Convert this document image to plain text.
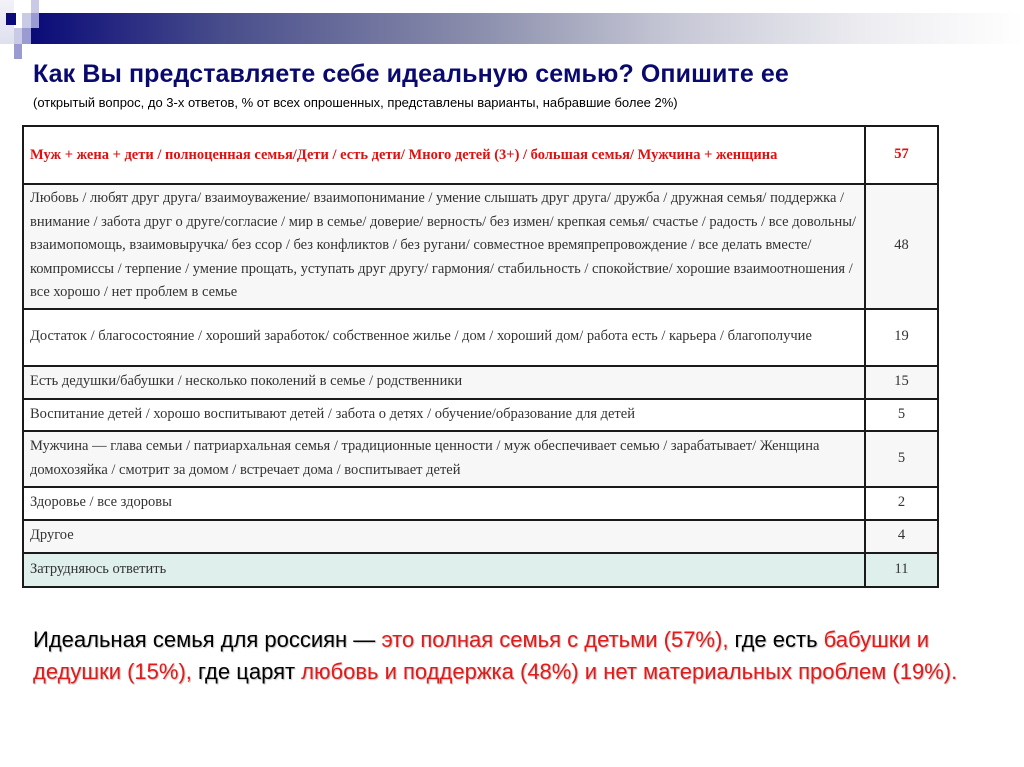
Как Вы представляете себе идеальную семью? Опишите ее
(открытый вопрос, до 3-х ответов, % от всех опрошенных, представлены варианты, набравшие более 2%)
Муж + жена + дети / полноценная семья/Дети / есть дети/ Много детей (3+) / большая семья/ Мужчина + женщина	57
Любовь / любят друг друга/ взаимоуважение/ взаимопонимание / умение слышать друг друга/ дружба / дружная семья/ поддержка / внимание / забота друг о друге/согласие / мир в семье/ доверие/ верность/ без измен/ крепкая семья/ счастье / радость / все довольны/ взаимопомощь, взаимовыручка/ без ссор / без конфликтов / без ругани/ совместное времяпрепровождение / все делать вместе/ компромиссы / терпение / умение прощать, уступать друг другу/ гармония/ стабильность / спокойствие/ хорошие взаимоотношения / все хорошо / нет проблем в семье	48
Достаток / благосостояние / хороший заработок/ собственное жилье / дом / хороший дом/ работа есть / карьера / благополучие	19
Есть дедушки/бабушки / несколько поколений в семье / родственники	15
Воспитание детей / хорошо воспитывают детей / забота о детях / обучение/образование для детей	5
Мужчина — глава семьи / патриархальная семья / традиционные ценности / муж обеспечивает семью / зарабатывает/ Женщина домохозяйка / смотрит за домом / встречает дома / воспитывает детей	5
Здоровье / все здоровы	2
Другое	4
Затрудняюсь ответить	11
Идеальная семья для россиян — это полная семья с детьми (57%), где есть бабушки и дедушки (15%), где царят любовь и поддержка (48%) и нет материальных проблем (19%).
